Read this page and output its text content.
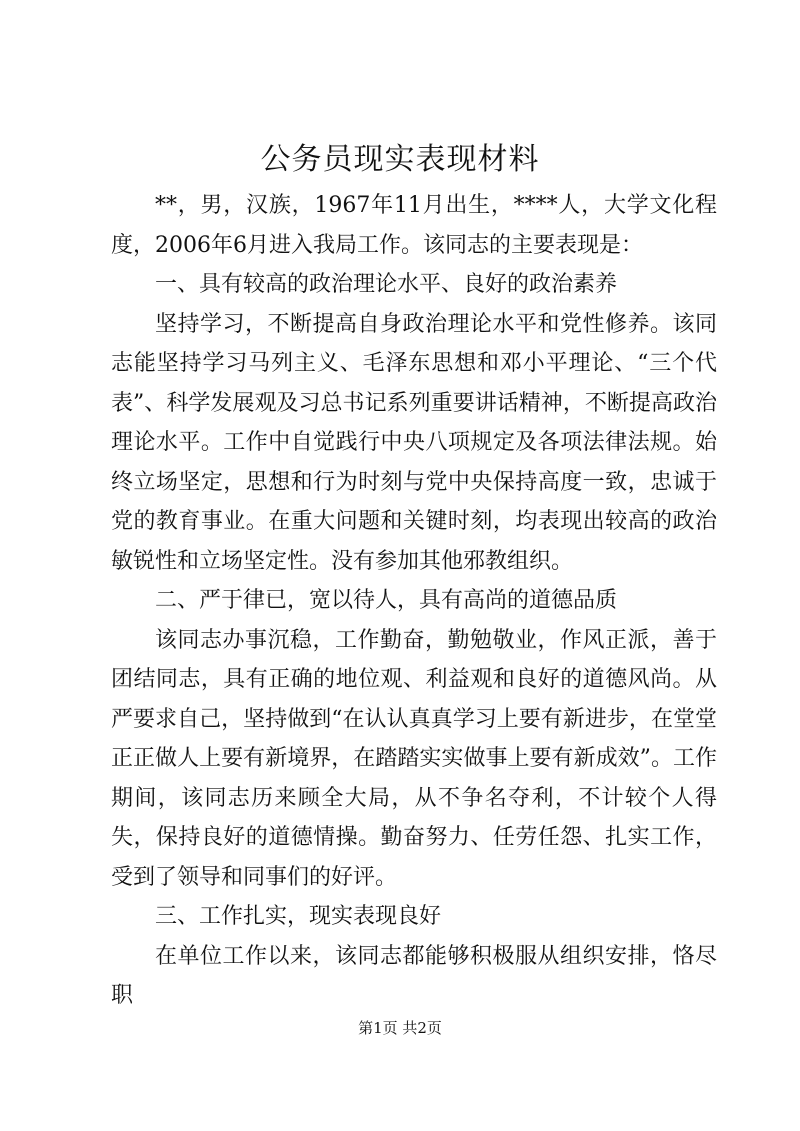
公务员现实表现材料

**，男，汉族，1967年11月出生，****人，大学文化程度，2006年6月进入我局工作。该同志的主要表现是：

一、具有较高的政治理论水平、良好的政治素养

坚持学习，不断提高自身政治理论水平和党性修养。该同志能坚持学习马列主义、毛泽东思想和邓小平理论、“三个代表”、科学发展观及习总书记系列重要讲话精神，不断提高政治理论水平。工作中自觉践行中央八项规定及各项法律法规。始终立场坚定，思想和行为时刻与党中央保持高度一致，忠诚于党的教育事业。在重大问题和关键时刻，均表现出较高的政治敏锐性和立场坚定性。没有参加其他邪教组织。

二、严于律已，宽以待人，具有高尚的道德品质

该同志办事沉稳，工作勤奋，勤勉敬业，作风正派，善于团结同志，具有正确的地位观、利益观和良好的道德风尚。从严要求自己，坚持做到“在认认真真学习上要有新进步，在堂堂正正做人上要有新境界，在踏踏实实做事上要有新成效”。工作期间，该同志历来顾全大局，从不争名夺利，不计较个人得失，保持良好的道德情操。勤奋努力、任劳任怨、扎实工作，受到了领导和同事们的好评。

三、工作扎实，现实表现良好

在单位工作以来，该同志都能够积极服从组织安排，恪尽职

第1页 共2页
